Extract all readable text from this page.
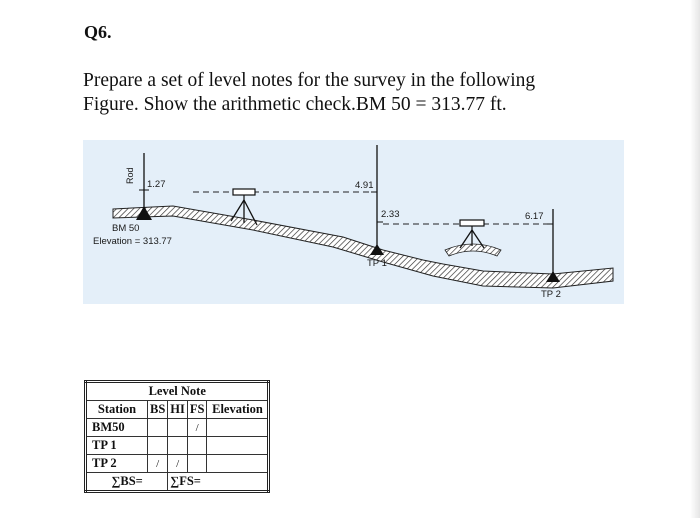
Q6.

Prepare a set of level notes for the survey in the following
Figure. Show the arithmetic check.BM 50 = 313.77 ft.

Rod
1.27	4.91
2.33
TP 1
6.17
TP 2
BM 50
Elevation = 313.77
Level Note				
Station	BS	HI	FS	Elevation
BM50			/	
TP 1				
TP 2	/	/		
∑BS=		∑FS=		
